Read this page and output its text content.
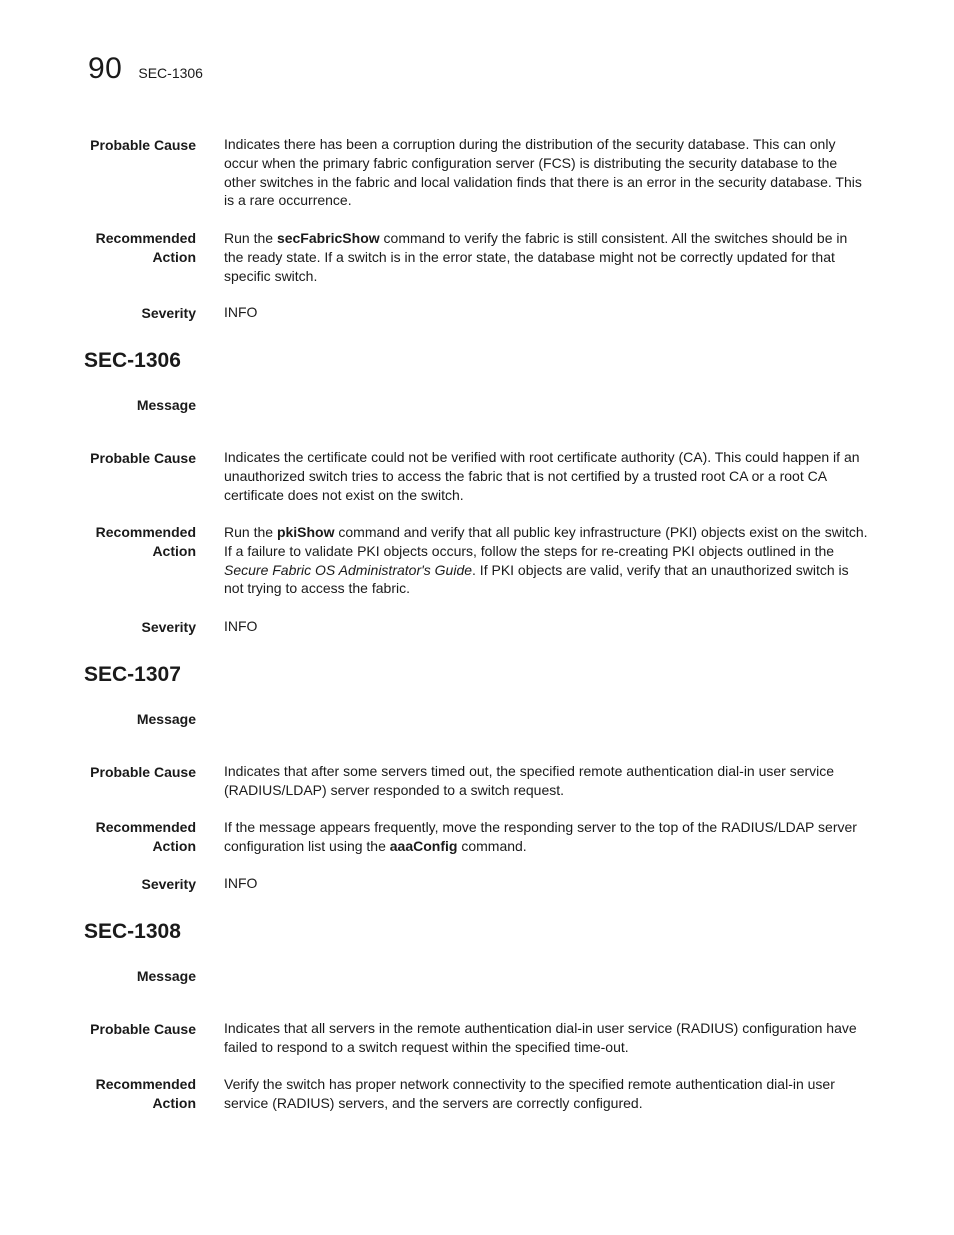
90 SEC-1306
Probable Cause Indicates there has been a corruption during the distribution of the security database. This can only occur when the primary fabric configuration server (FCS) is distributing the security database to the other switches in the fabric and local validation finds that there is an error in the security database. This is a rare occurrence.
Recommended
Action
Run the secFabricShow command to verify the fabric is still consistent. All the switches should be in the ready state. If a switch is in the error state, the database might not be correctly updated for that specific switch.
Severity INFO
SEC-1306
Message
Probable Cause Indicates the certificate could not be verified with root certificate authority (CA). This could happen if an unauthorized switch tries to access the fabric that is not certified by a trusted root CA or a root CA certificate does not exist on the switch.
Recommended
Action
Run the pkiShow command and verify that all public key infrastructure (PKI) objects exist on the switch. If a failure to validate PKI objects occurs, follow the steps for re-creating PKI objects outlined in the Secure Fabric OS Administrator's Guide. If PKI objects are valid, verify that an unauthorized switch is not trying to access the fabric.
Severity INFO
SEC-1307
Message
Probable Cause Indicates that after some servers timed out, the specified remote authentication dial-in user service (RADIUS/LDAP) server responded to a switch request.
Recommended
Action
If the message appears frequently, move the responding server to the top of the RADIUS/LDAP server configuration list using the aaaConfig command.
Severity INFO
SEC-1308
Message
Probable Cause Indicates that all servers in the remote authentication dial-in user service (RADIUS) configuration have failed to respond to a switch request within the specified time-out.
Recommended
Action
Verify the switch has proper network connectivity to the specified remote authentication dial-in user service (RADIUS) servers, and the servers are correctly configured.
